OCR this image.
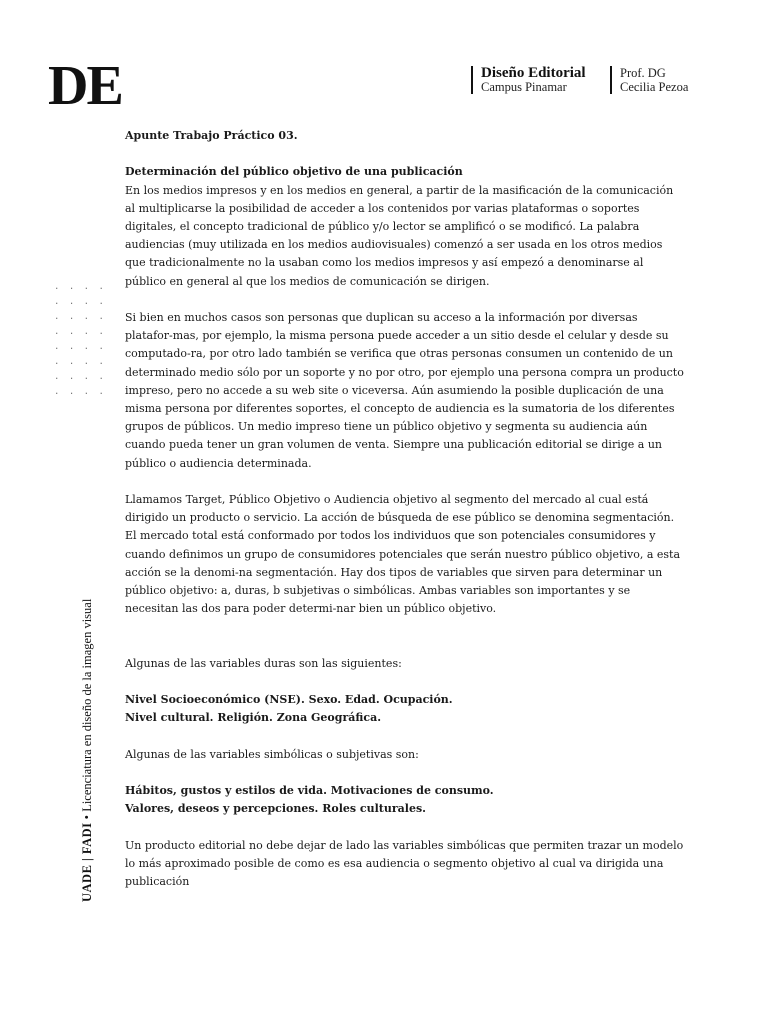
DE	Diseño Editorial
Campus Pinamar
Prof. DG
Cecilia Pezoa
. . . .
. . . .
. . . .
. . . .
. . . .
. . . .
. . . .
. . . .
UADE | FADI • Licenciatura en diseño de la imagen visual

Apunte Trabajo Práctico 03.

Determinación del público objetivo de una publicación

En los medios impresos y en los medios en general, a partir de la masificación de la comunicación al multiplicarse la posibilidad de acceder a los contenidos por varias plataformas o soportes digitales, el concepto tradicional de público y/o lector se amplificó o se modificó. La palabra audiencias (muy utilizada en los medios audiovisuales) comenzó a ser usada en los otros medios que tradicionalmente no la usaban como los medios impresos y así empezó a denominarse al público en general al que los medios de comunicación se dirigen.

Si bien en muchos casos son personas que duplican su acceso a la información por diversas platafor-mas, por ejemplo, la misma persona puede acceder a un sitio desde el celular y desde su computado-ra, por otro lado también se verifica que otras personas consumen un contenido de un determinado medio sólo por un soporte y no por otro, por ejemplo una persona compra un producto impreso, pero no accede a su web site o viceversa. Aún asumiendo la posible duplicación de una misma persona por diferentes soportes, el concepto de audiencia es la sumatoria de los diferentes grupos de públicos. Un medio impreso tiene un público objetivo y segmenta su audiencia aún cuando pueda tener un gran volumen de venta. Siempre una publicación editorial se dirige a un público o audiencia determinada.

Llamamos Target, Público Objetivo o Audiencia objetivo al segmento del mercado al cual está dirigido un producto o servicio. La acción de búsqueda de ese público se denomina segmentación. El mercado total está conformado por todos los individuos que son potenciales consumidores y cuando definimos un grupo de consumidores potenciales que serán nuestro público objetivo, a esta acción se la denomi-na segmentación. Hay dos tipos de variables que sirven para determinar un público objetivo: a, duras, b subjetivas o simbólicas. Ambas variables son importantes y se necesitan las dos para poder determi-nar bien un público objetivo.

Algunas de las variables duras son las siguientes:

Nivel Socioeconómico (NSE). Sexo. Edad. Ocupación.

Nivel cultural. Religión. Zona Geográfica.

Algunas de las variables simbólicas o subjetivas son:

Hábitos, gustos y estilos de vida. Motivaciones de consumo.

Valores, deseos y percepciones. Roles culturales.

Un producto editorial no debe dejar de lado las variables simbólicas que permiten trazar un modelo lo más aproximado posible de como es esa audiencia o segmento objetivo al cual va dirigida una publicación
